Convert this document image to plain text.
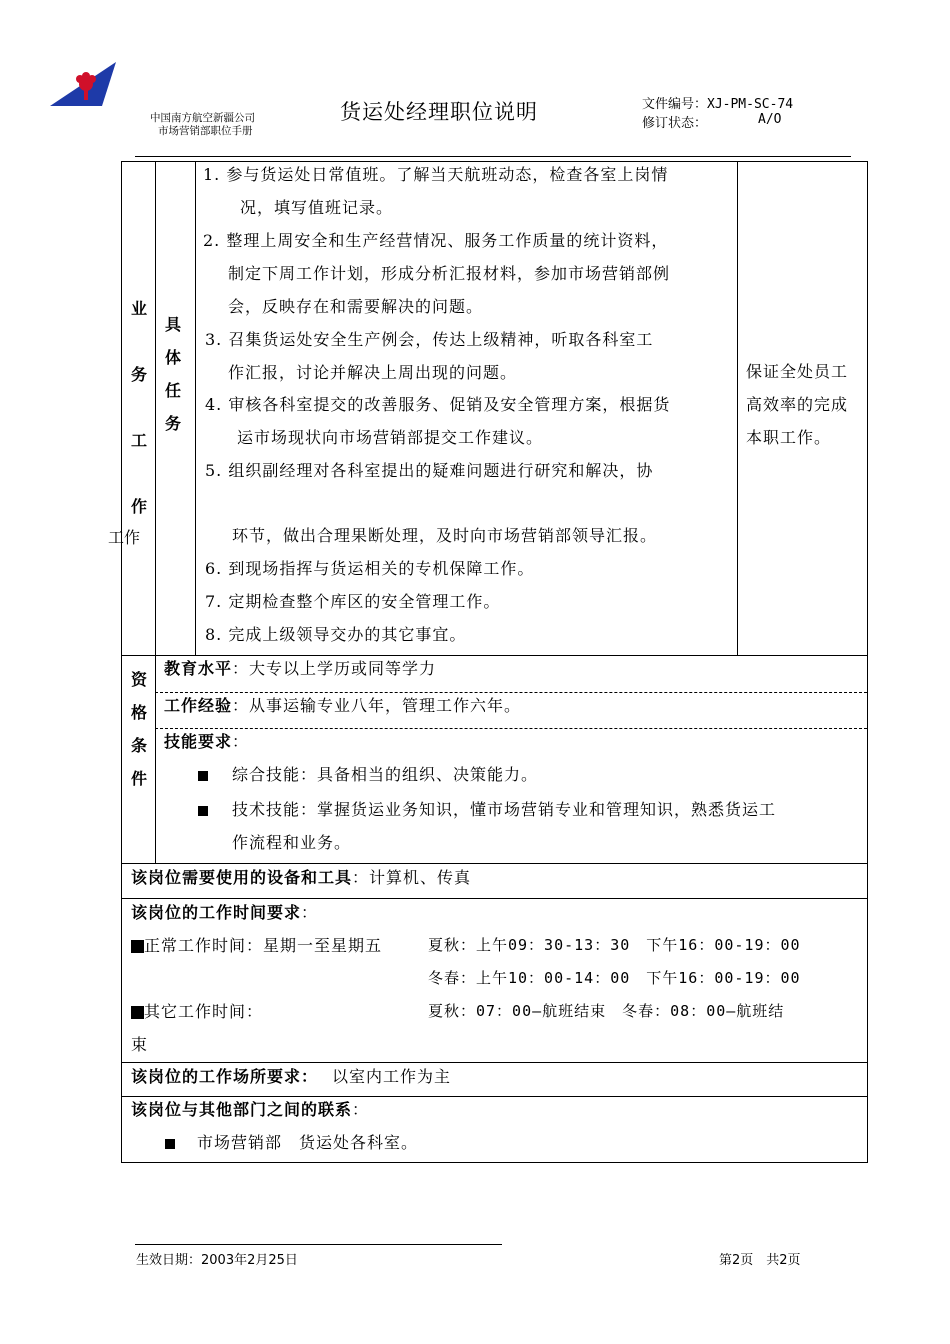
中国南方航空新疆公司
市场营销部职位手册
货运处经理职位说明	文件编号：XJ-PM-SC-74
修订状态：	A/O
业
务
工
作
工作
具
体
任
务
1. 参与货运处日常值班。了解当天航班动态，检查各室上岗情
况，填写值班记录。
2. 整理上周安全和生产经营情况、服务工作质量的统计资料，
制定下周工作计划，形成分析汇报材料，参加市场营销部例
会，反映存在和需要解决的问题。
3. 召集货运处安全生产例会，传达上级精神，听取各科室工
作汇报，讨论并解决上周出现的问题。
4. 审核各科室提交的改善服务、促销及安全管理方案，根据货
运市场现状向市场营销部提交工作建议。
5. 组织副经理对各科室提出的疑难问题进行研究和解决，协
环节，做出合理果断处理，及时向市场营销部领导汇报。
6. 到现场指挥与货运相关的专机保障工作。
7. 定期检查整个库区的安全管理工作。
8. 完成上级领导交办的其它事宜。
保证全处员工
高效率的完成
本职工作。
资
格
条
件
教育水平：大专以上学历或同等学力
工作经验：从事运输专业八年，管理工作六年。
技能要求：
综合技能：具备相当的组织、决策能力。
技术技能：掌握货运业务知识，懂市场营销专业和管理知识，熟悉货运工
作流程和业务。
该岗位需要使用的设备和工具：计算机、传真
该岗位的工作时间要求：
正常工作时间：星期一至星期五	夏秋：上午09：30-13：30　下午16：00-19：00
冬春：上午10：00-14：00　下午16：00-19：00
其它工作时间：	夏秋：07：00—航班结束　冬春：08：00—航班结
束
该岗位的工作场所要求： 以室内工作为主
该岗位与其他部门之间的联系：
市场营销部　货运处各科室。
生效日期：2003年2月25日	第2页　共2页
